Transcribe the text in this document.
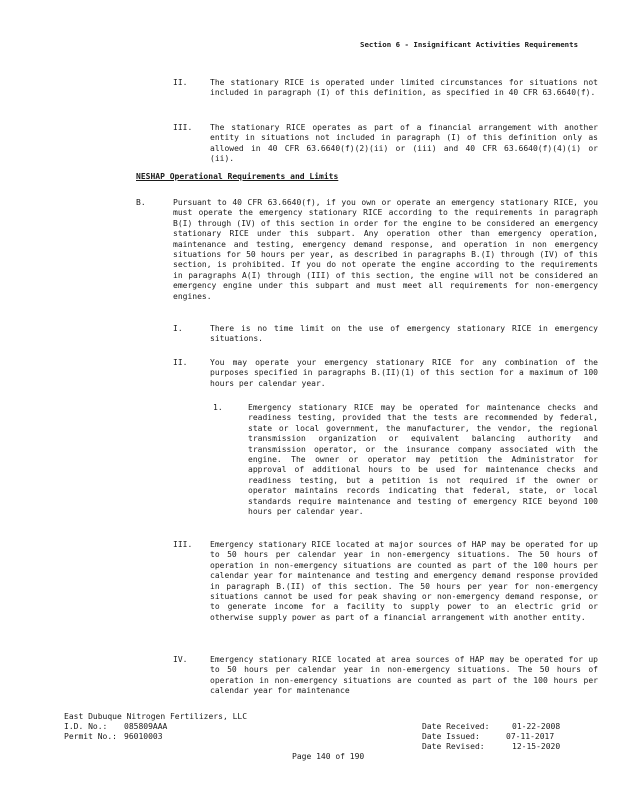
Section 6 - Insignificant Activities Requirements
II.	The stationary RICE is operated under limited circumstances for situations not included in paragraph (I) of this definition, as specified in 40 CFR 63.6640(f).
III. The stationary RICE operates as part of a financial arrangement with another entity in situations not included in paragraph (I) of this definition only as allowed in 40 CFR 63.6640(f)(2)(ii) or (iii) and 40 CFR 63.6640(f)(4)(i) or (ii).
NESHAP Operational Requirements and Limits
B.	Pursuant to 40 CFR 63.6640(f), if you own or operate an emergency stationary RICE, you must operate the emergency stationary RICE according to the requirements in paragraph B(I) through (IV) of this section in order for the engine to be considered an emergency stationary RICE under this subpart. Any operation other than emergency operation, maintenance and testing, emergency demand response, and operation in non emergency situations for 50 hours per year, as described in paragraphs B.(I) through (IV) of this section, is prohibited. If you do not operate the engine according to the requirements in paragraphs A(I) through (III) of this section, the engine will not be considered an emergency engine under this subpart and must meet all requirements for non-emergency engines.
I.	There is no time limit on the use of emergency stationary RICE in emergency situations.
II.	You may operate your emergency stationary RICE for any combination of the purposes specified in paragraphs B.(II)(1) of this section for a maximum of 100 hours per calendar year.
1.	Emergency stationary RICE may be operated for maintenance checks and readiness testing, provided that the tests are recommended by federal, state or local government, the manufacturer, the vendor, the regional transmission organization or equivalent balancing authority and transmission operator, or the insurance company associated with the engine. The owner or operator may petition the Administrator for approval of additional hours to be used for maintenance checks and readiness testing, but a petition is not required if the owner or operator maintains records indicating that federal, state, or local standards require maintenance and testing of emergency RICE beyond 100 hours per calendar year.
III. Emergency stationary RICE located at major sources of HAP may be operated for up to 50 hours per calendar year in non-emergency situations. The 50 hours of operation in non-emergency situations are counted as part of the 100 hours per calendar year for maintenance and testing and emergency demand response provided in paragraph B.(II) of this section. The 50 hours per year for non-emergency situations cannot be used for peak shaving or non-emergency demand response, or to generate income for a facility to supply power to an electric grid or otherwise supply power as part of a financial arrangement with another entity.
IV.	Emergency stationary RICE located at area sources of HAP may be operated for up to 50 hours per calendar year in non-emergency situations. The 50 hours of operation in non-emergency situations are counted as part of the 100 hours per calendar year for maintenance
East Dubuque Nitrogen Fertilizers, LLC
I.D. No.: 085809AAA
Permit No.: 96010003
Date Received:	01-22-2008
Date Issued:	07-11-2017
Date Revised:	12-15-2020
Page 140 of 190
